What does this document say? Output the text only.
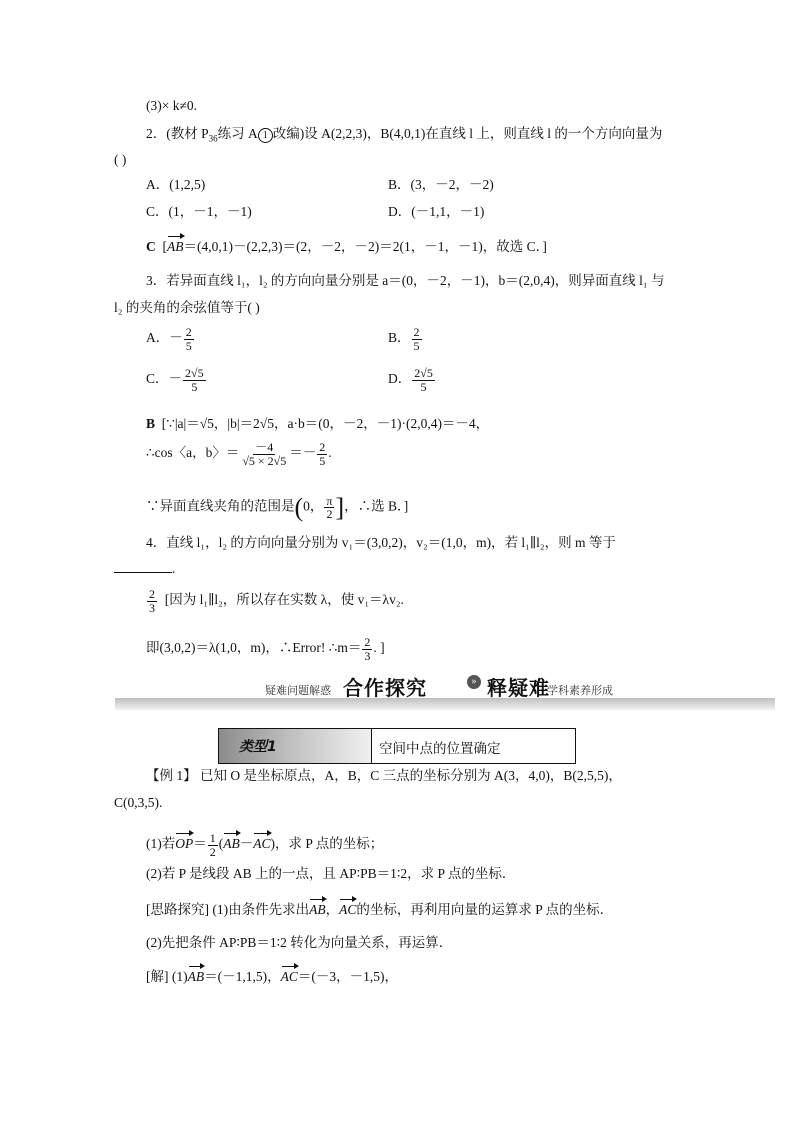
(3)× k≠0.
2．(教材 $P_{36}$练习 A 1 改编)设 A(2,2,3)，B(4,0,1)在直线 l 上，则直线 l 的一个方向向量为
( )
A．(1,2,5)	B．(3，－2，－2)
C．(1，－1，－1)	D．(－1,1，－1)
C [AB＝(4,0,1)－(2,2,3)＝(2，－2，－2)＝2(1，－1，－1)，故选 C．]
3．若异面直线 l₁，l₂ 的方向向量分别是 a＝(0，－2，－1)，b＝(2,0,4)，则异面直线 l₁ 与
l₂ 的夹角的余弦值等于( )
A．－ $\frac{2}{5}$	B． $\frac{2}{5}$
C．－ $\frac{2√5}{5}$	D． $\frac{2√5}{5}$
B [∵|a|＝√5，|b|＝2√5，a·b＝(0，－2，－1)·(2,0,4)＝－4，
∴cos〈a，b〉＝ $\frac{-4}{√5 \times 2√5} =- \frac{2}{5}$ .
∵异面直线夹角的范围是(0， $\frac{\pi}{2}$ ]，∴选 B．]
4．直线 l₁，l₂ 的方向向量分别为 v₁＝(3,0,2)，v₂＝(1,0，m)，若 l₁∥l₂，则 m 等于
.
$\frac{2}{3}$ [因为 l₁∥l₂，所以存在实数 λ，使 v₁＝λv₂.
即(3,0,2)＝λ(1,0，m)，∴Error! ∴m＝ $\frac{2}{3}$ . ]
疑难问题解惑 合作探究	» 释疑难
学科素养形成
类型1	空间中点的位置确定
【例 1】 已知 O 是坐标原点，A，B，C 三点的坐标分别为 A(3，4,0)，B(2,5,5)，
C(0,3,5).
(1)若$OP= \frac{1}{2} (AB-AC)$，求 P 点的坐标；
(2)若 P 是线段 AB 上的一点，且 AP∶PB＝1∶2，求 P 点的坐标．
[思路探究] (1)由条件先求出AB，AC的坐标，再利用向量的运算求 P 点的坐标．
(2)先把条件 AP∶PB＝1∶2 转化为向量关系，再运算．
[解] (1)AB＝(－1,1,5)，AC＝(－3，－1,5)，
